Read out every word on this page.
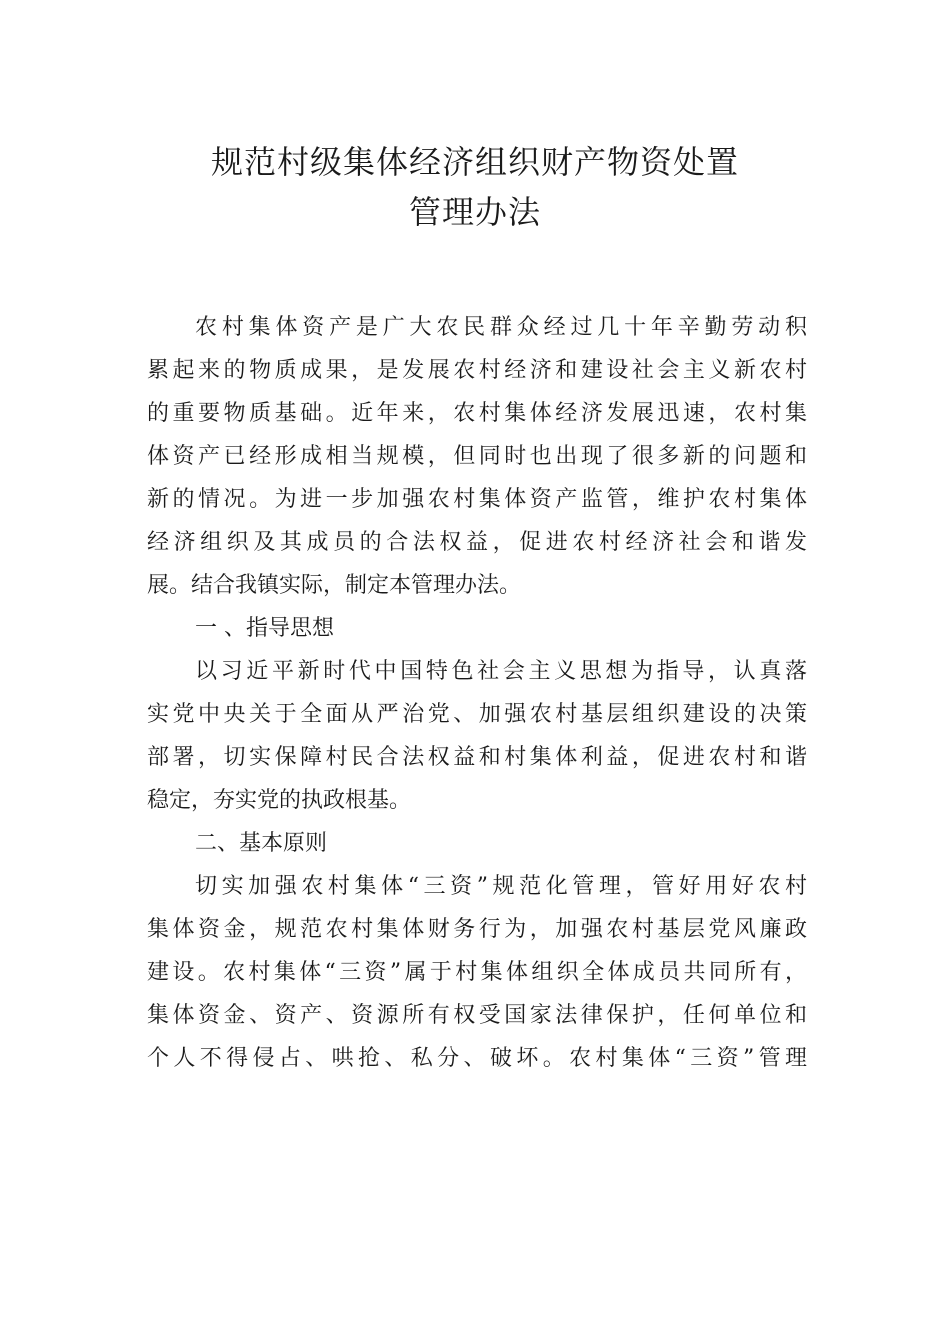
规范村级集体经济组织财产物资处置
管理办法
农村集体资产是广大农民群众经过几十年辛勤劳动积
累起来的物质成果，是发展农村经济和建设社会主义新农村
的重要物质基础。近年来，农村集体经济发展迅速，农村集
体资产已经形成相当规模，但同时也出现了很多新的问题和
新的情况。为进一步加强农村集体资产监管，维护农村集体
经济组织及其成员的合法权益，促进农村经济社会和谐发
展。结合我镇实际，制定本管理办法。
一 、指导思想
以习近平新时代中国特色社会主义思想为指导，认真落
实党中央关于全面从严治党、加强农村基层组织建设的决策
部署，切实保障村民合法权益和村集体利益，促进农村和谐
稳定，夯实党的执政根基。
二、基本原则
切实加强农村集体“三资”规范化管理，管好用好农村
集体资金，规范农村集体财务行为，加强农村基层党风廉政
建设。农村集体“三资”属于村集体组织全体成员共同所有，
集体资金、资产、资源所有权受国家法律保护，任何单位和
个人不得侵占、哄抢、私分、破坏。农村集体“三资”管理
